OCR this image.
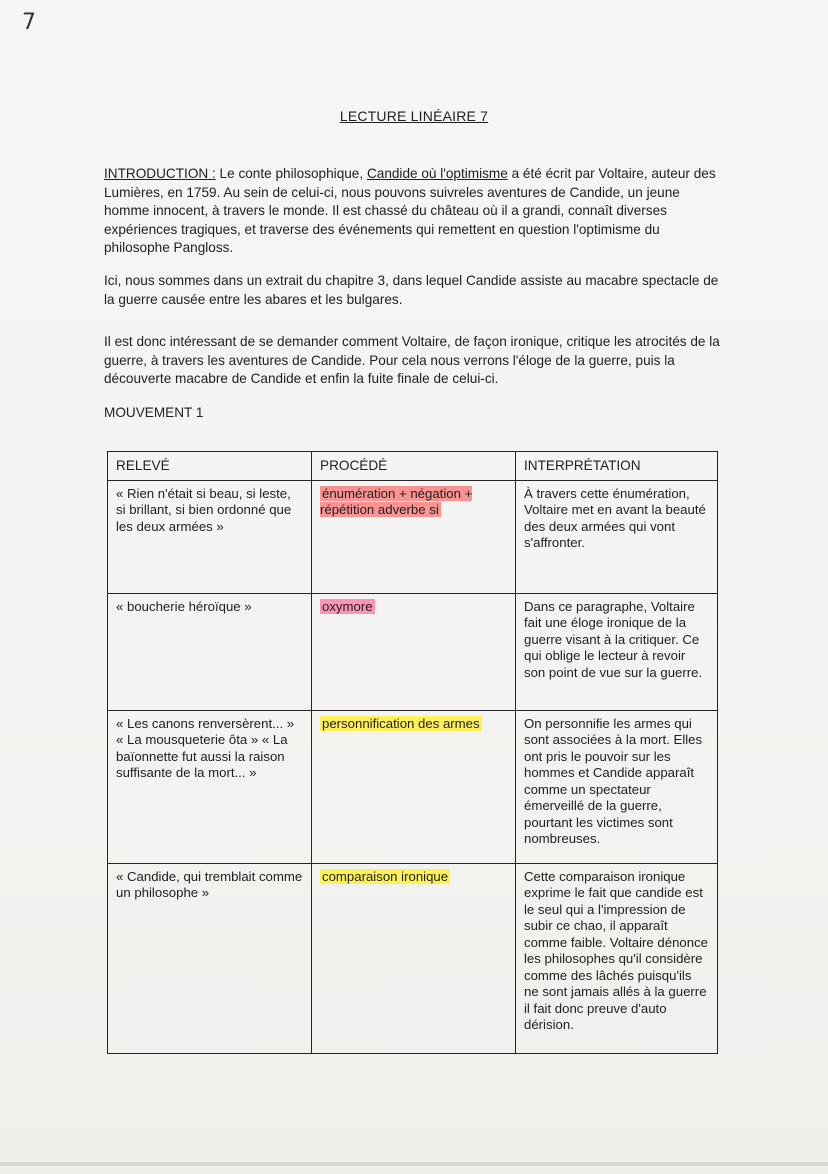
7
LECTURE LINÉAIRE 7
INTRODUCTION : Le conte philosophique, Candide où l'optimisme a été écrit par Voltaire, auteur des Lumières, en 1759. Au sein de celui-ci, nous pouvons suivreles aventures de Candide, un jeune homme innocent, à travers le monde. Il est chassé du château où il a grandi, connaît diverses expériences tragiques, et traverse des événements qui remettent en question l'optimisme du philosophe Pangloss.
Ici, nous sommes dans un extrait du chapitre 3, dans lequel Candide assiste au macabre spectacle de la guerre causée entre les abares et les bulgares.
Il est donc intéressant de se demander comment Voltaire, de façon ironique, critique les atrocités de la guerre, à travers les aventures de Candide. Pour cela nous verrons l'éloge de la guerre, puis la découverte macabre de Candide et enfin la fuite finale de celui-ci.
MOUVEMENT 1
RELEVÉ	PROCÉDÉ	INTERPRÉTATION
« Rien n'était si beau, si leste, si brillant, si bien ordonné que les deux armées »	énumération + négation + répétition adverbe si	À travers cette énumération, Voltaire met en avant la beauté des deux armées qui vont s'affronter.
« boucherie héroïque »	oxymore	Dans ce paragraphe, Voltaire fait une éloge ironique de la guerre visant à la critiquer. Ce qui oblige le lecteur à revoir son point de vue sur la guerre.
« Les canons renversèrent... » « La mousqueterie ôta » « La baïonnette fut aussi la raison suffisante de la mort... »	personnification des armes	On personnifie les armes qui sont associées à la mort. Elles ont pris le pouvoir sur les hommes et Candide apparaît comme un spectateur émerveillé de la guerre, pourtant les victimes sont nombreuses.
« Candide, qui tremblait comme un philosophe »	comparaison ironique	Cette comparaison ironique exprime le fait que candide est le seul qui a l'impression de subir ce chao, il apparaît comme faible. Voltaire dénonce les philosophes qu'il considère comme des lâchés puisqu'ils ne sont jamais allés à la guerre il fait donc preuve d'auto dérision.
